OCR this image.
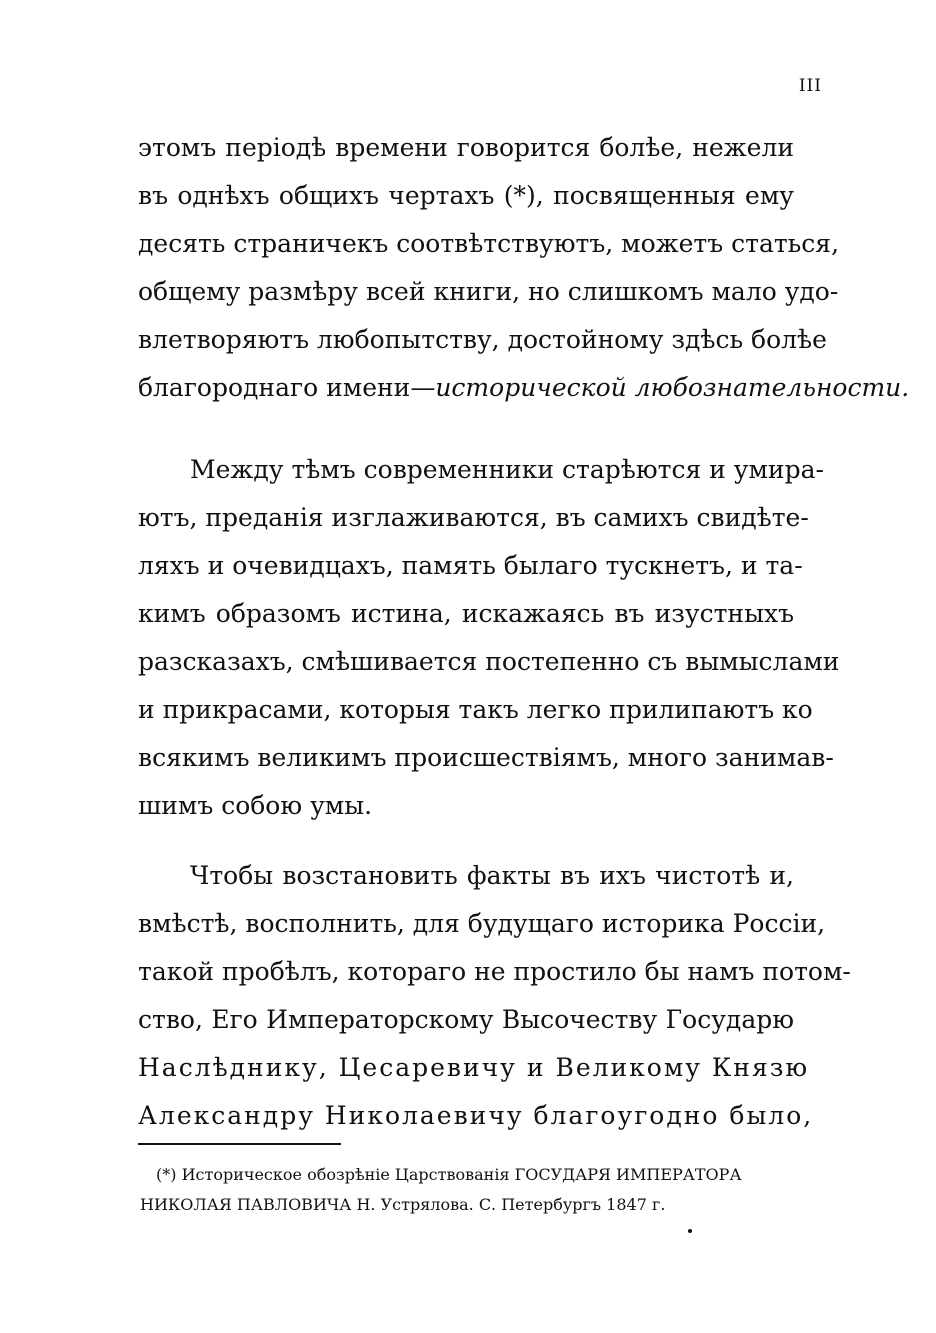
III
этомъ періодѣ времени говорится болѣе, нежели
въ однѣхъ общихъ чертахъ (*), посвященныя ему
десять страничекъ соотвѣтствуютъ, можетъ статься,
общему размѣру всей книги, но слишкомъ мало удо-
влетворяютъ любопытству, достойному здѣсь болѣе
благороднаго имени—исторической любознательности.
Между тѣмъ современники старѣются и умира-
ютъ, преданія изглаживаются, въ самихъ свидѣте-
ляхъ и очевидцахъ, память былаго тускнетъ, и та-
кимъ образомъ истина, искажаясь въ изустныхъ
разсказахъ, смѣшивается постепенно съ вымыслами
и прикрасами, которыя такъ легко прилипаютъ ко
всякимъ великимъ происшествіямъ, много занимав-
шимъ собою умы.
Чтобы возстановить факты въ ихъ чистотѣ и,
вмѣстѣ, восполнить, для будущаго историка Россіи,
такой пробѣлъ, котораго не простило бы намъ потом-
ство, Его Императорскому Высочеству Государю
Наслѣднику, Цесаревичу и Великому Князю
Александру Николаевичу благоугодно было,
(*) Историческое обозрѣніе Царствованія ГОСУДАРЯ ИМПЕРАТОРА
НИКОЛАЯ ПАВЛОВИЧА Н. Устрялова. С. Петербургъ 1847 г.
